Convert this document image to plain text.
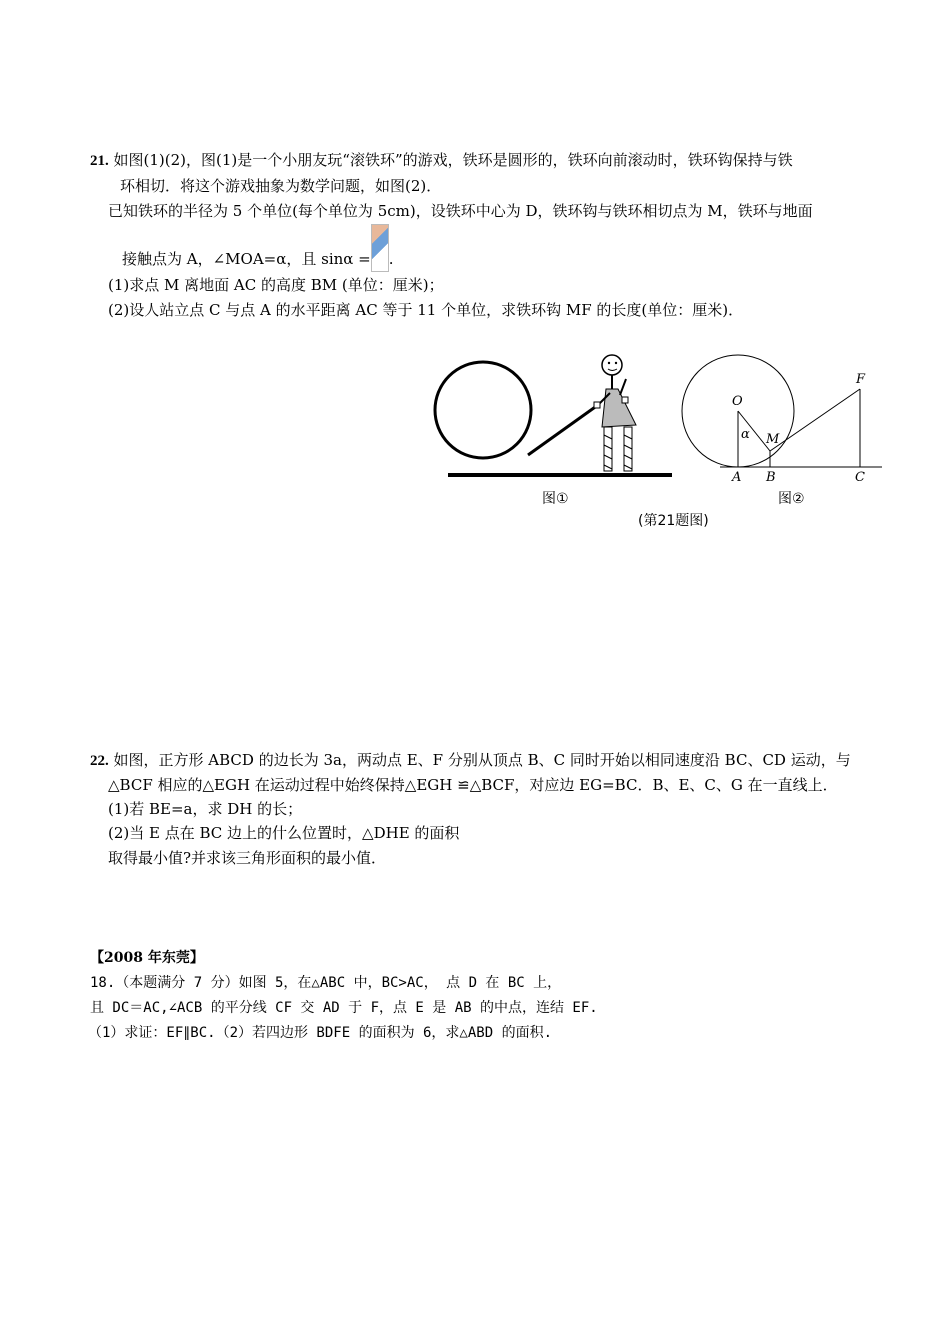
21. 如图(1)(2)，图(1)是一个小朋友玩“滚铁环”的游戏，铁环是圆形的，铁环向前滚动时，铁环钩保持与铁
环相切．将这个游戏抽象为数学问题，如图(2)．
已知铁环的半径为 5 个单位(每个单位为 5cm)，设铁环中心为 D，铁环钩与铁环相切点为 M，铁环与地面
接触点为 A，∠MOA=α，且 sinα = .
(1)求点 M 离地面 AC 的高度 BM (单位：厘米)；
(2)设人站立点 C 与点 A 的水平距离 AC 等于 11 个单位，求铁环钩 MF 的长度(单位：厘米)．
图①
O
α M
A B	C
F
图②
(第21题图)
22. 如图，正方形 ABCD 的边长为 3a，两动点 E、F 分别从顶点 B、C 同时开始以相同速度沿 BC、CD 运动，与
△BCF 相应的△EGH 在运动过程中始终保持△EGH ≌△BCF，对应边 EG=BC．B、E、C、G 在一直线上．
(1)若 BE=a，求 DH 的长；
(2)当 E 点在 BC 边上的什么位置时，△DHE 的面积
取得最小值?并求该三角形面积的最小值．
【2008 年东莞】
18.（本题满分 7 分）如图 5，在△ABC 中，BC>AC， 点 D 在 BC 上，
且 DC＝AC,∠ACB 的平分线 CF 交 AD 于 F，点 E 是 AB 的中点，连结 EF.
（1）求证：EF∥BC.（2）若四边形 BDFE 的面积为 6，求△ABD 的面积.
